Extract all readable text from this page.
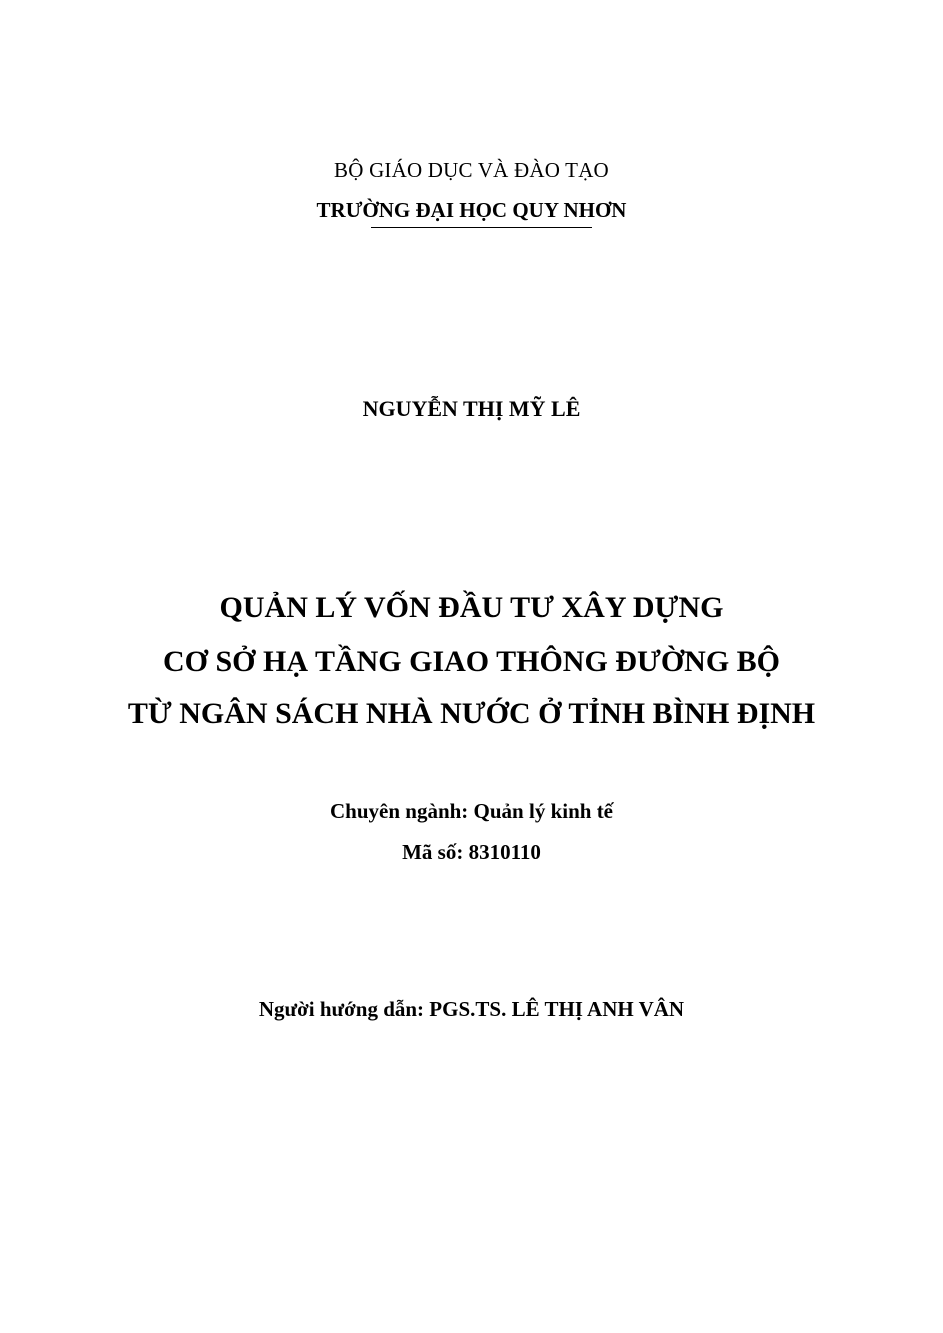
BỘ GIÁO DỤC VÀ ĐÀO TẠO
TRƯỜNG ĐẠI HỌC QUY NHƠN
NGUYỄN THỊ MỸ LÊ
QUẢN LÝ VỐN ĐẦU TƯ XÂY DỰNG
CƠ SỞ HẠ TẦNG GIAO THÔNG ĐƯỜNG BỘ
TỪ NGÂN SÁCH NHÀ NƯỚC Ở TỈNH BÌNH ĐỊNH
Chuyên ngành: Quản lý kinh tế
Mã số: 8310110
Người hướng dẫn: PGS.TS. LÊ THỊ ANH VÂN
